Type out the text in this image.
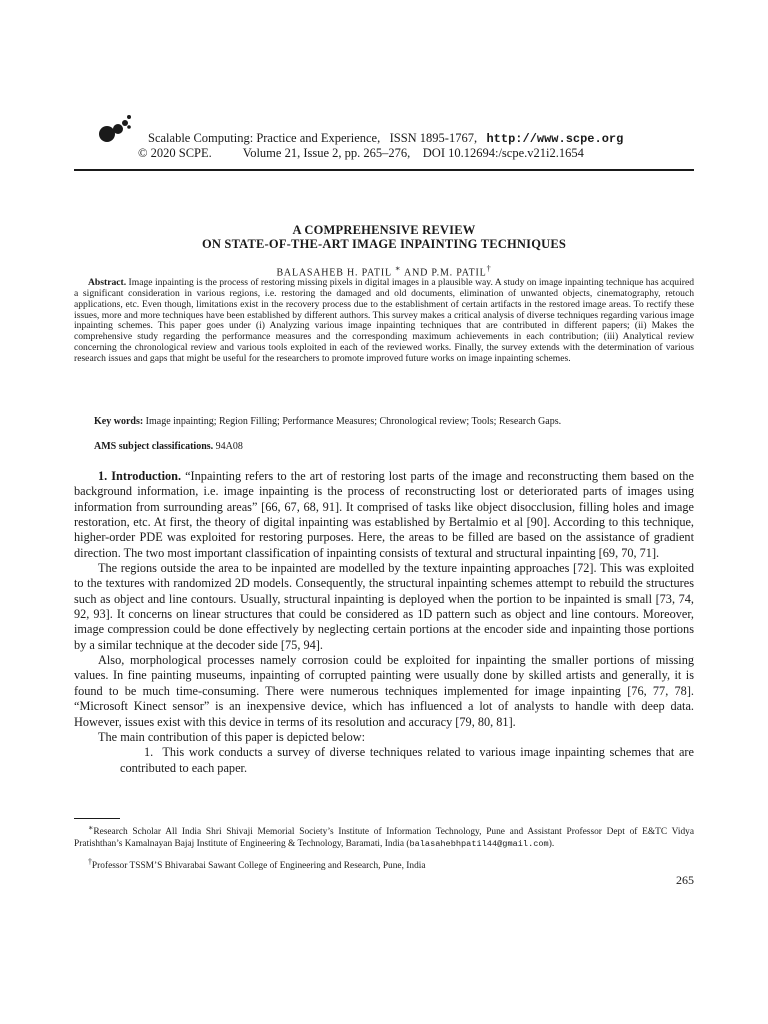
Scalable Computing: Practice and Experience, ISSN 1895-1767, http://www.scpe.org
© 2020 SCPE. Volume 21, Issue 2, pp. 265–276, DOI 10.12694:/scpe.v21i2.1654
A COMPREHENSIVE REVIEW
ON STATE-OF-THE-ART IMAGE INPAINTING TECHNIQUES
BALASAHEB H. PATIL ∗ AND P.M. PATIL†
Abstract. Image inpainting is the process of restoring missing pixels in digital images in a plausible way. A study on image inpainting technique has acquired a significant consideration in various regions, i.e. restoring the damaged and old documents, elimination of unwanted objects, cinematography, retouch applications, etc. Even though, limitations exist in the recovery process due to the establishment of certain artifacts in the restored image areas. To rectify these issues, more and more techniques have been established by different authors. This survey makes a critical analysis of diverse techniques regarding various image inpainting schemes. This paper goes under (i) Analyzing various image inpainting techniques that are contributed in different papers; (ii) Makes the comprehensive study regarding the performance measures and the corresponding maximum achievements in each contribution; (iii) Analytical review concerning the chronological review and various tools exploited in each of the reviewed works. Finally, the survey extends with the determination of various research issues and gaps that might be useful for the researchers to promote improved future works on image inpainting schemes.
Key words: Image inpainting; Region Filling; Performance Measures; Chronological review; Tools; Research Gaps.
AMS subject classifications. 94A08

1. Introduction. “Inpainting refers to the art of restoring lost parts of the image and reconstructing them based on the background information, i.e. image inpainting is the process of reconstructing lost or deteriorated parts of images using information from surrounding areas” [66, 67, 68, 91]. It comprised of tasks like object disocclusion, filling holes and image restoration, etc. At first, the theory of digital inpainting was established by Bertalmio et al [90]. According to this technique, higher-order PDE was exploited for restoring purposes. Here, the areas to be filled are based on the assistance of gradient direction. The two most important classification of inpainting consists of textural and structural inpainting [69, 70, 71].

The regions outside the area to be inpainted are modelled by the texture inpainting approaches [72]. This was exploited to the textures with randomized 2D models. Consequently, the structural inpainting schemes attempt to rebuild the structures such as object and line contours. Usually, structural inpainting is deployed when the portion to be inpainted is small [73, 74, 92, 93]. It concerns on linear structures that could be considered as 1D pattern such as object and line contours. Moreover, image compression could be done effectively by neglecting certain portions at the encoder side and inpainting those portions by a similar technique at the decoder side [75, 94].

Also, morphological processes namely corrosion could be exploited for inpainting the smaller portions of missing values. In fine painting museums, inpainting of corrupted painting were usually done by skilled artists and generally, it is found to be much time-consuming. There were numerous techniques implemented for image inpainting [76, 77, 78]. “Microsoft Kinect sensor” is an inexpensive device, which has influenced a lot of analysts to handle with deep data. However, issues exist with this device in terms of its resolution and accuracy [79, 80, 81].

The main contribution of this paper is depicted below:

1. This work conducts a survey of diverse techniques related to various image inpainting schemes that are contributed to each paper.

∗Research Scholar All India Shri Shivaji Memorial Society’s Institute of Information Technology, Pune and Assistant Professor Dept of E&TC Vidya Pratishthan’s Kamalnayan Bajaj Institute of Engineering & Technology, Baramati, India (balasahebhpatil44@gmail.com).
†Professor TSSM’S Bhivarabai Sawant College of Engineering and Research, Pune, India
265
